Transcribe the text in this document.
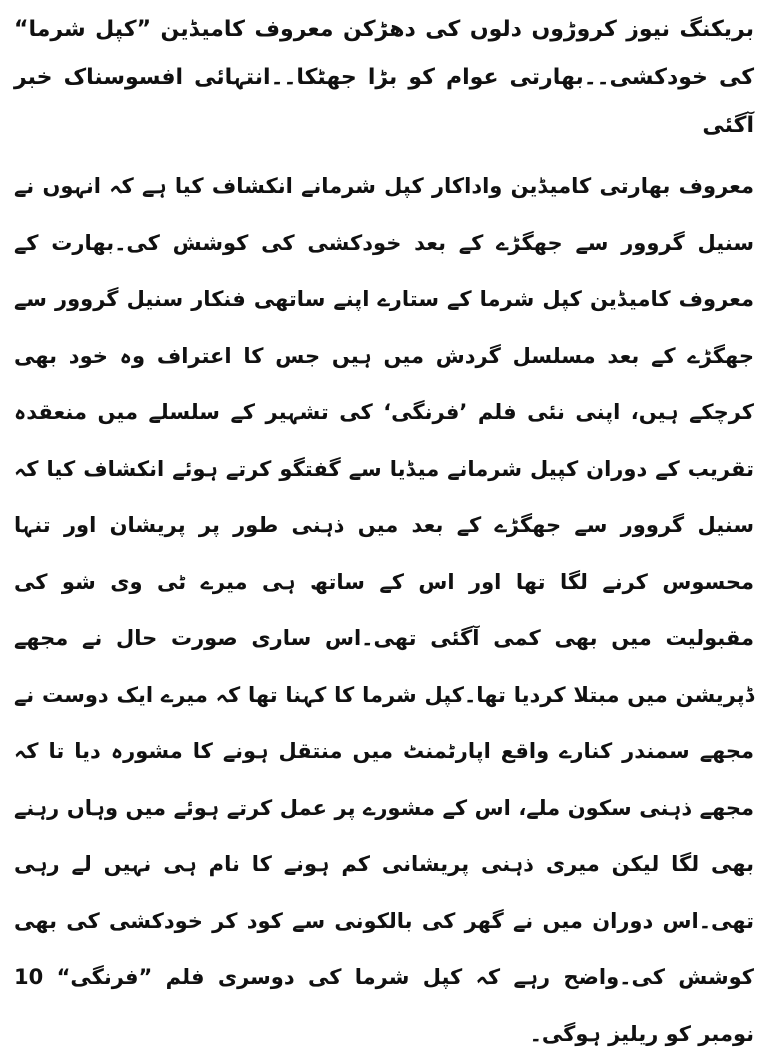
بریکنگ نیوز کروڑوں دلوں کی دھڑکن معروف کامیڈین ”کپل شرما“ کی خودکشی۔۔بھارتی عوام کو بڑا جھٹکا۔۔انتہائی افسوسناک خبر آگئی

معروف بھارتی کامیڈین واداکار کپل شرمانے انکشاف کیا ہے کہ انہوں نے سنیل گروور سے جھگڑے کے بعد خودکشی کی کوشش کی۔بھارت کے معروف کامیڈین کپل شرما کے ستارے اپنے ساتھی فنکار سنیل گروور سے جھگڑے کے بعد مسلسل گردش میں ہیں جس کا اعتراف وہ خود بھی کرچکے ہیں، اپنی نئی فلم ’فرنگی‘ کی تشہیر کے سلسلے میں منعقدہ تقریب کے دوران کپیل شرمانے میڈیا سے گفتگو کرتے ہوئے انکشاف کیا کہ سنیل گروور سے جھگڑے کے بعد میں ذہنی طور پر پریشان اور تنہا محسوس کرنے لگا تھا اور اس کے ساتھ ہی میرے ٹی وی شو کی مقبولیت میں بھی کمی آگئی تھی۔اس ساری صورت حال نے مجھے ڈپریشن میں مبتلا کردیا تھا۔کپل شرما کا کہنا تھا کہ میرے ایک دوست نے مجھے سمندر کنارے واقع اپارٹمنٹ میں منتقل ہونے کا مشورہ دیا تا کہ مجھے ذہنی سکون ملے، اس کے مشورے پر عمل کرتے ہوئے میں وہاں رہنے بھی لگا لیکن میری ذہنی پریشانی کم ہونے کا نام ہی نہیں لے رہی تھی۔اس دوران میں نے گھر کی بالکونی سے کود کر خودکشی کی بھی کوشش کی۔واضح رہے کہ کپل شرما کی دوسری فلم ”فرنگی“ 10 نومبر کو ریلیز ہوگی۔
